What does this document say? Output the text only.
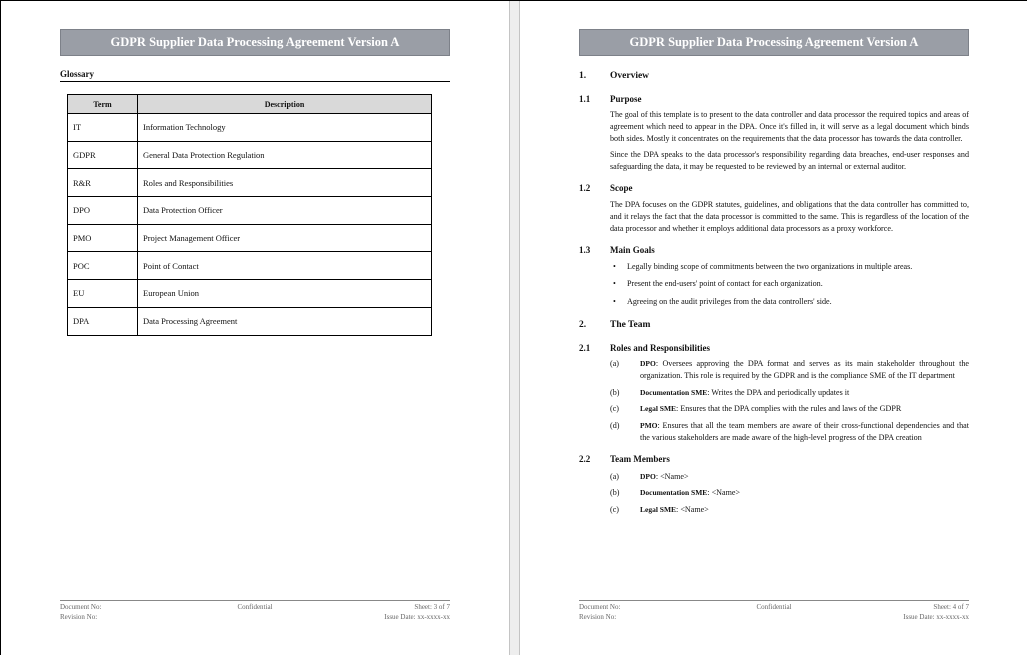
GDPR Supplier Data Processing Agreement Version A
Glossary
Term	Description
IT	Information Technology
GDPR	General Data Protection Regulation
R&R	Roles and Responsibilities
DPO	Data Protection Officer
PMO	Project Management Officer
POC	Point of Contact
EU	European Union
DPA	Data Processing Agreement
Document No:	Confidential	Sheet: 3 of 7
Revision No:	Issue Date: xx-xxxx-xx
GDPR Supplier Data Processing Agreement Version A
1.	Overview
1.1 Purpose

The goal of this template is to present to the data controller and data processor the required topics and areas of agreement which need to appear in the DPA. Once it's filled in, it will serve as a legal document which binds both sides. Mostly it concentrates on the requirements that the data processor has towards the data controller.

Since the DPA speaks to the data processor's responsibility regarding data breaches, end-user responses and safeguarding the data, it may be requested to be reviewed by an internal or external auditor.

1.2 Scope

The DPA focuses on the GDPR statutes, guidelines, and obligations that the data controller has committed to, and it relays the fact that the data processor is committed to the same. This is regardless of the location of the data processor and whether it employs additional data processors as a proxy workforce.

1.3 Main Goals

• Legally binding scope of commitments between the two organizations in multiple areas.

• Present the end-users' point of contact for each organization.

• Agreeing on the audit privileges from the data controllers' side.

2.	The Team
2.1 Roles and Responsibilities
(a)	DPO: Oversees approving the DPA format and serves as its main stakeholder throughout the organization. This role is required by the GDPR and is the compliance SME of the IT department
(b)	Documentation SME: Writes the DPA and periodically updates it
(c)	Legal SME: Ensures that the DPA complies with the rules and laws of the GDPR
(d)	PMO: Ensures that all the team members are aware of their cross-functional dependencies and that the various stakeholders are made aware of the high-level progress of the DPA creation
2.2 Team Members
(a)	DPO: <Name>
(b)	Documentation SME: <Name>
(c)	Legal SME: <Name>
Document No:	Confidential	Sheet: 4 of 7
Revision No:	Issue Date: xx-xxxx-xx
